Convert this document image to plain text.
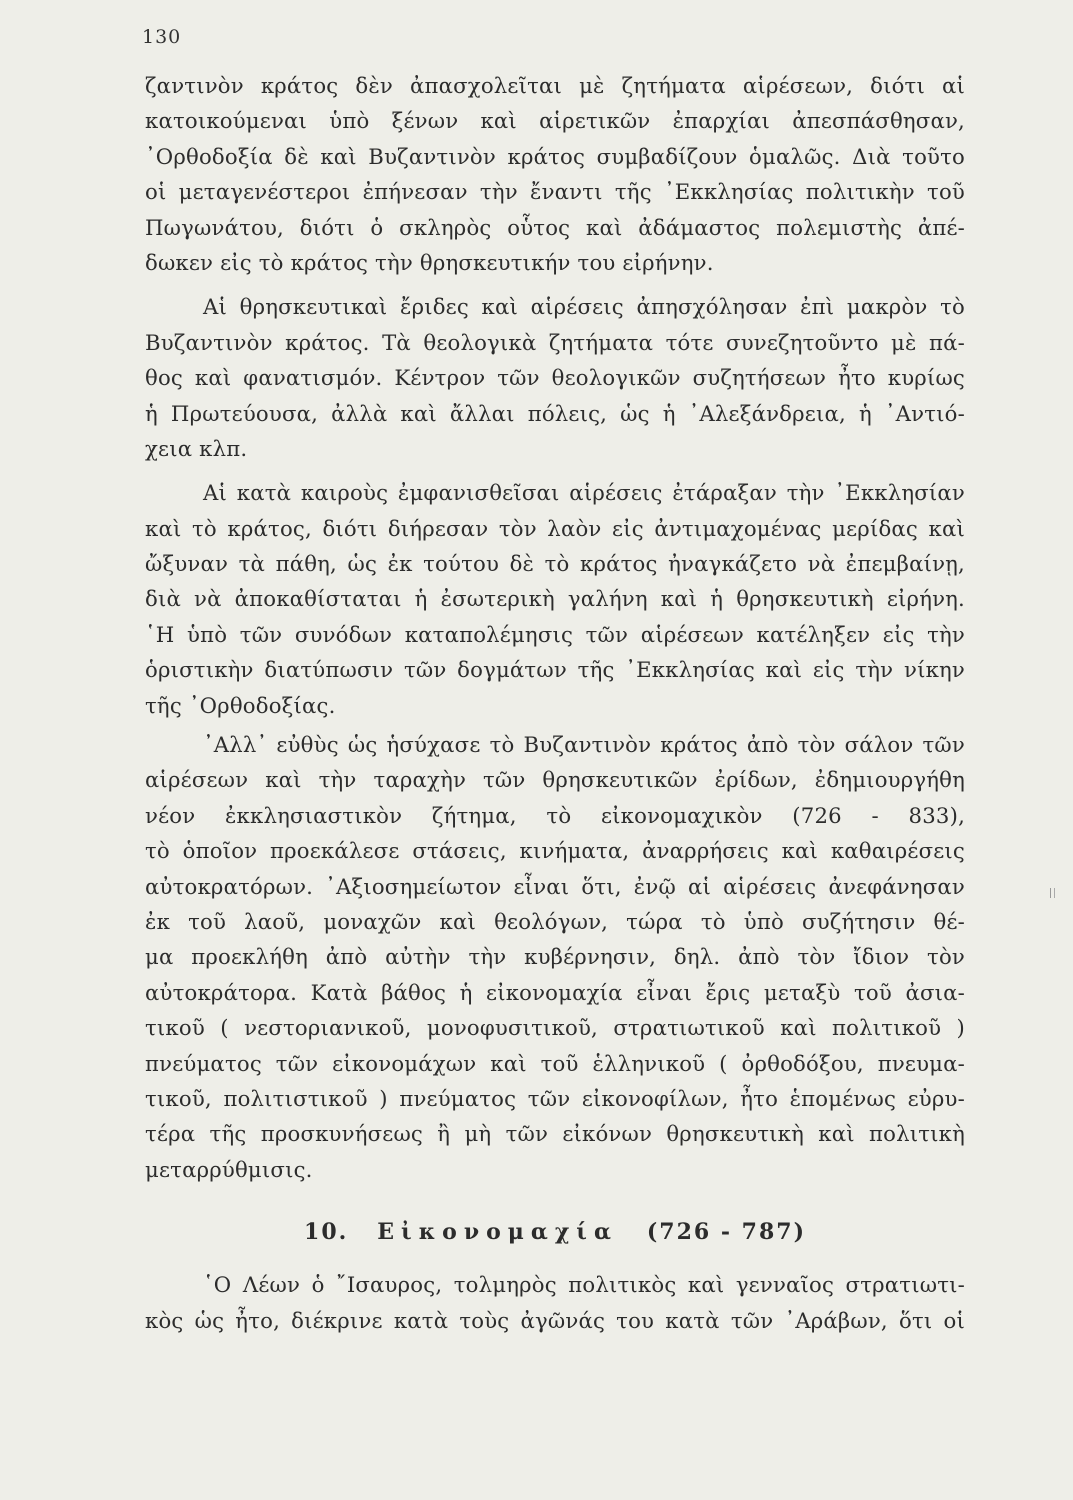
130
ζαντινὸν κράτος δὲν ἀπασχολεῖται μὲ ζητήματα αἱρέσεων, διότι αἱ
κατοικούμεναι ὑπὸ ξένων καὶ αἱρετικῶν ἐπαρχίαι ἀπεσπάσθησαν,
᾿Ορθοδοξία δὲ καὶ Βυζαντινὸν κράτος συμβαδίζουν ὁμαλῶς. Διὰ τοῦτο
οἱ μεταγενέστεροι ἐπήνεσαν τὴν ἔναντι τῆς ᾿Εκκλησίας πολιτικὴν τοῦ
Πωγωνάτου, διότι ὁ σκληρὸς οὗτος καὶ ἀδάμαστος πολεμιστὴς ἀπέ-
δωκεν εἰς τὸ κράτος τὴν θρησκευτικήν του εἰρήνην.
Αἱ θρησκευτικαὶ ἔριδες καὶ αἱρέσεις ἀπησχόλησαν ἐπὶ μακρὸν τὸ
Βυζαντινὸν κράτος. Τὰ θεολογικὰ ζητήματα τότε συνεζητοῦντο μὲ πά-
θος καὶ φανατισμόν. Κέντρον τῶν θεολογικῶν συζητήσεων ἦτο κυρίως
ἡ Πρωτεύουσα, ἀλλὰ καὶ ἄλλαι πόλεις, ὡς ἡ ᾿Αλεξάνδρεια, ἡ ᾿Αντιό-
χεια κλπ.
Αἱ κατὰ καιροὺς ἐμφανισθεῖσαι αἱρέσεις ἐτάραξαν τὴν ᾿Εκκλησίαν
καὶ τὸ κράτος, διότι διήρεσαν τὸν λαὸν εἰς ἀντιμαχομένας μερίδας καὶ
ὤξυναν τὰ πάθη, ὡς ἐκ τούτου δὲ τὸ κράτος ἠναγκάζετο νὰ ἐπεμβαίνῃ,
διὰ νὰ ἀποκαθίσταται ἡ ἐσωτερικὴ γαλήνη καὶ ἡ θρησκευτικὴ εἰρήνη.
῾Η ὑπὸ τῶν συνόδων καταπολέμησις τῶν αἱρέσεων κατέληξεν εἰς τὴν
ὁριστικὴν διατύπωσιν τῶν δογμάτων τῆς ᾿Εκκλησίας καὶ εἰς τὴν νίκην
τῆς ᾿Ορθοδοξίας.
᾿Αλλ᾿ εὐθὺς ὡς ἡσύχασε τὸ Βυζαντινὸν κράτος ἀπὸ τὸν σάλον τῶν
αἱρέσεων καὶ τὴν ταραχὴν τῶν θρησκευτικῶν ἐρίδων, ἐδημιουργήθη
νέον ἐκκλησιαστικὸν ζήτημα, τὸ εἰκονομαχικὸν (726 - 833),
τὸ ὁποῖον προεκάλεσε στάσεις, κινήματα, ἀναρρήσεις καὶ καθαιρέσεις
αὐτοκρατόρων. ᾿Αξιοσημείωτον εἶναι ὅτι, ἐνῷ αἱ αἱρέσεις ἀνεφάνησαν
ἐκ τοῦ λαοῦ, μοναχῶν καὶ θεολόγων, τώρα τὸ ὑπὸ συζήτησιν θέ-
μα προεκλήθη ἀπὸ αὐτὴν τὴν κυβέρνησιν, δηλ. ἀπὸ τὸν ἴδιον τὸν
αὐτοκράτορα. Κατὰ βάθος ἡ εἰκονομαχία εἶναι ἔρις μεταξὺ τοῦ ἀσια-
τικοῦ ( νεστοριανικοῦ, μονοφυσιτικοῦ, στρατιωτικοῦ καὶ πολιτικοῦ )
πνεύματος τῶν εἰκονομάχων καὶ τοῦ ἑλληνικοῦ ( ὀρθοδόξου, πνευμα-
τικοῦ, πολιτιστικοῦ ) πνεύματος τῶν εἰκονοφίλων, ἦτο ἑπομένως εὐρυ-
τέρα τῆς προσκυνήσεως ἢ μὴ τῶν εἰκόνων θρησκευτικὴ καὶ πολιτικὴ
μεταρρύθμισις.
10. Εἰκονομαχία (726 - 787)
῾Ο Λέων ὁ ῎Ισαυρος, τολμηρὸς πολιτικὸς καὶ γενναῖος στρατιωτι-
κὸς ὡς ἦτο, διέκρινε κατὰ τοὺς ἀγῶνάς του κατὰ τῶν ᾿Αράβων, ὅτι οἱ
